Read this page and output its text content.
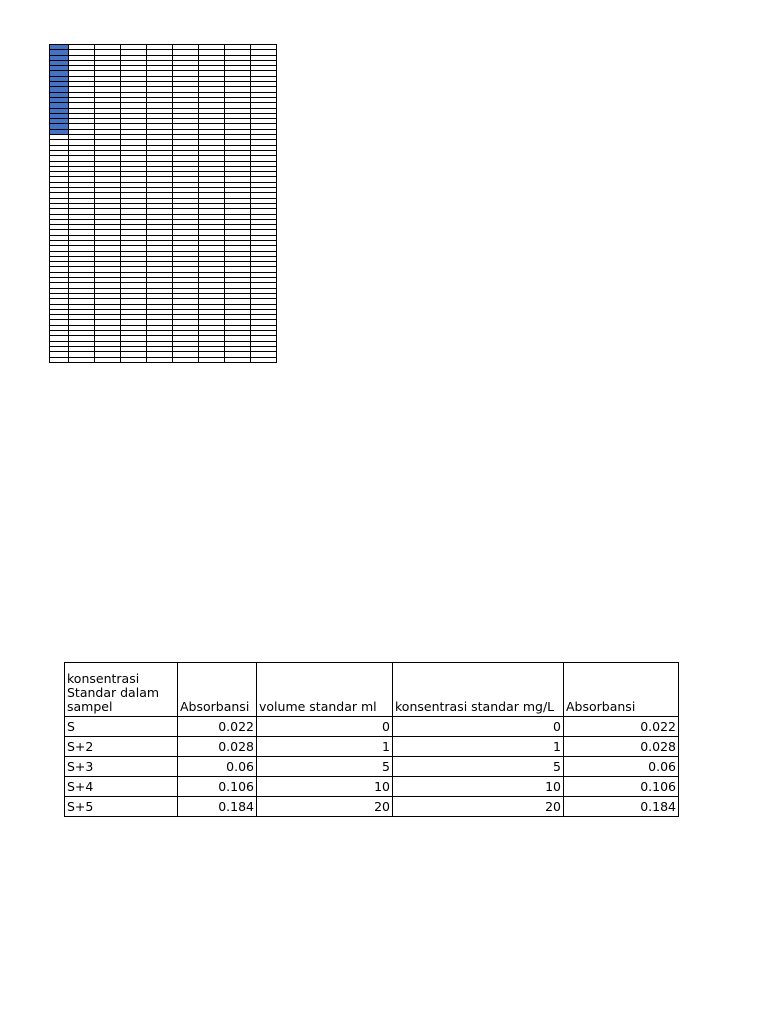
konsentrasi Standar dalam sampel	Absorbansi	volume standar ml	konsentrasi standar mg/L	Absorbansi
S	0.022	0	0	0.022
S+2	0.028	1	1	0.028
S+3	0.06	5	5	0.06
S+4	0.106	10	10	0.106
S+5	0.184	20	20	0.184
